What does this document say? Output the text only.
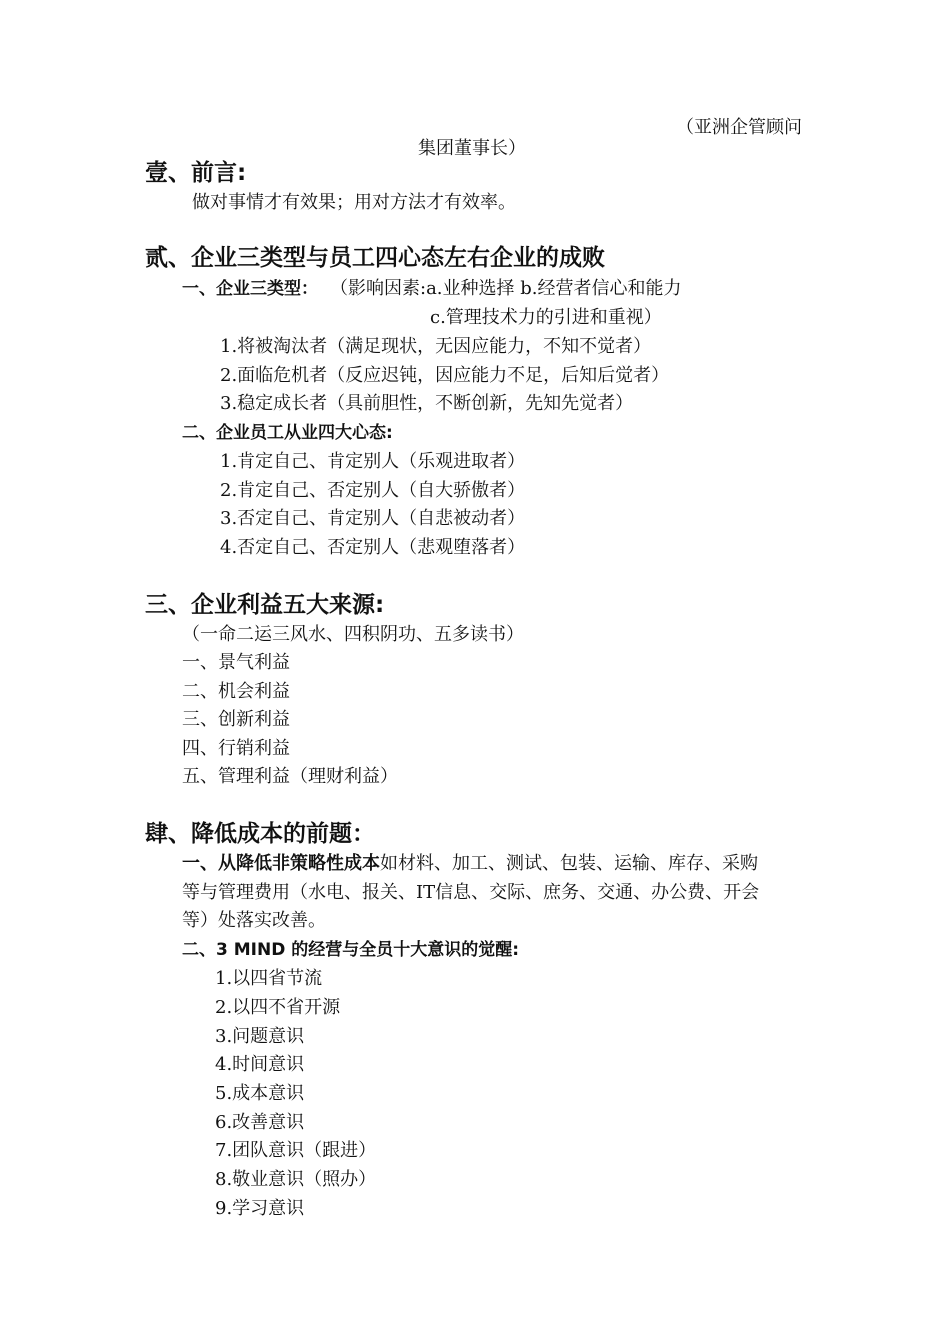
（亚洲企管顾问
集团董事长）
壹、前言:
做对事情才有效果；用对方法才有效率。
贰、企业三类型与员工四心态左右企业的成败
一、企业三类型： （影响因素:a.业种选择 b.经营者信心和能力
c.管理技术力的引进和重视）
1.将被淘汰者（满足现状，无因应能力，不知不觉者）
2.面临危机者（反应迟钝，因应能力不足，后知后觉者）
3.稳定成长者（具前胆性，不断创新，先知先觉者）
二、企业员工从业四大心态:
1.肯定自己、肯定别人（乐观进取者）
2.肯定自己、否定别人（自大骄傲者）
3.否定自己、肯定别人（自悲被动者）
4.否定自己、否定别人（悲观堕落者）
三、企业利益五大来源:
（一命二运三风水、四积阴功、五多读书）
一、景气利益
二、机会利益
三、创新利益
四、行销利益
五、管理利益（理财利益）
肆、降低成本的前题：
一、从降低非策略性成本如材料、加工、测试、包装、运输、库存、采购
等与管理费用（水电、报关、IT信息、交际、庶务、交通、办公费、开会
等）处落实改善。
二、3 MIND 的经营与全员十大意识的觉醒:
1.以四省节流
2.以四不省开源
3.问题意识
4.时间意识
5.成本意识
6.改善意识
7.团队意识（跟进）
8.敬业意识（照办）
9.学习意识
